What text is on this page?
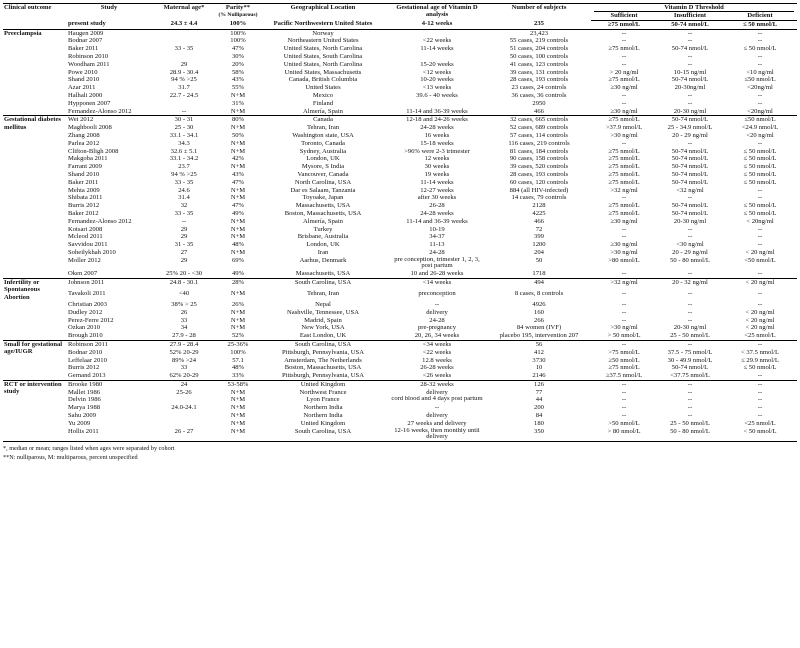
Clinical outcome	Study	Maternal age*	Parity**
(% Nulliparous)	Geographical Location	Gestational age of Vitamin D analysis	Number of subjects	Vitamin D Threshold		

							Sufficient	Insufficient	Deficient
	present study	24.3 ± 4.4	100%	Pacific Northwestern United States	4-12 weeks	235	≥75 nmol/L	50-74 nmol/L	≤ 50 nmol/L
Preeclampsia	Haugen 2009		100%	Norway		23,423	--	--	--
	Bodnar 2007		100%	Northeastern United States	<22 weeks	55 cases, 219 controls	--	--	--
	Baker 2011	33 - 35	47%	United States, North Carolina	11-14 weeks	51 cases, 204 controls	≥75 nmol/L	50-74 nmol/L	≤ 50 nmol/L
	Robinson 2010		30%	United States, South Carolina		50 cases, 100 controls	--	--	--
	Woodham 2011	29	20%	United States, North Carolina	15-20 weeks	41 cases, 123 controls	--	--	--
	Powe 2010	28.9 - 30.4	58%	United States, Massachusetts	<12 weeks	39 cases, 131 controls	> 20 ng/ml	10-15 ng/ml	<10 ng/ml
	Shand 2010	94 % >25	43%	Canada, British Columbia	10-20 weeks	28 cases, 193 controls	≥75 nmol/L	50-74 nmol/L	≤50 nmol/L
	Azar 2011	31.7	55%	United States	<13 weeks	23 cases, 24 controls	≥30 ng/ml	20-30ng/ml	<20ng/ml
	Halhali 2000	22.7 - 24.5	N+M	Mexico	39.6 - 40 weeks	36 cases, 36 controls	--	--	--
	Hypponen 2007		31%	Finland		2950	--	--	--
	Fernandez-Alonso 2012	--	N+M	Almería, Spain	11-14 and 36-39 weeks	466	≥30 ng/ml	20-30 ng/ml	<20ng/ml
Gestational diabetes mellitus	Wei 2012	30 - 31	80%	Canada	12-18 and 24-26 weeks	32 cases, 665 controls	≥75 nmol/L	50-74 nmol/L	≤50 nmol/L
	Maghbooli 2008	25 - 30	N+M	Tehran, Iran	24-28 weeks	52 cases, 689 controls	>37.9 nmol/L	25 - 34.9 nmol/L	<24.9 nmol/L
	Zhang 2008	33.1 - 34.1	50%	Washington state, USA	16 weeks	57 cases, 114 controls	>30 ng/ml	20 - 29 ng/ml	<20 ng/ml
	Parlea 2012	34.3	N+M	Toronto, Canada	15-18 weeks	116 cases, 219 controls	--	--	--
	Clifton-Bligh 2008	32.6 ± 5.1	N+M	Sydney, Australia	>96% were 2-3 trimester	81 cases, 184 controls	≥75 nmol/L	50-74 nmol/L	≤ 50 nmol/L
	Makgoba 2011	33.1 - 34.2	42%	London, UK	12 weeks	90 cases, 158 controls	≥75 nmol/L	50-74 nmol/L	≤ 50 nmol/L
	Farrant 2009	23.7	N+M	Mysore, S India	30 weeks	39 cases, 520 controls	≥75 nmol/L	50-74 nmol/L	≤ 50 nmol/L
	Shand 2010	94 % >25	43%	Vancouver, Canada	19 weeks	28 cases, 193 controls	≥75 nmol/L	50-74 nmol/L	≤ 50 nmol/L
	Baker 2011	33 - 35	47%	North Carolina, USA	11-14 weeks	60 cases, 120 controls	≥75 nmol/L	50-74 nmol/L	≤ 50 nmol/L
	Mehta 2009	24.6	N+M	Dar es Salaam, Tanzania	12-27 weeks	884 (all HIV-infected)	>32 ng/ml	<32 ng/ml	--
	Shibata 2011	31.4	N+M	Toyoake, Japan	after 30 weeks	14 cases, 79 controls	--	--	--
	Burris 2012	32	47%	Massachusetts, USA	26-28	2128	≥75 nmol/L	50-74 nmol/L	≤ 50 nmol/L
	Baker 2012	33 - 35	49%	Boston, Massachusetts, USA	24-28 weeks	4225	≥75 nmol/L	50-74 nmol/L	≤ 50 nmol/L
	Fernandez-Alonso 2012	--	N+M	Almería, Spain	11-14 and 36-39 weeks	466	≥30 ng/ml	20-30 ng/ml	< 20ng/ml
	Kotsari 2008	29	N+M	Turkey	10-19	72	--	--	--
	Mcleod 2011	29	N+M	Brisbane, Australia	34-37	399	--	--	--
	Savvidou 2011	31 - 35	48%	London, UK	11-13	1200	≥30 ng/ml	<30 ng/ml	--
	Soheilykhah 2010	27	N+M	Iran	24-28	204	>30 ng/ml	20 - 29 ng/ml	< 20 ng/ml
	Moller 2012	29	69%	Aarhus, Denmark	pre conception, trimester 1, 2, 3, post partum	50	>80 nmol/L	50 - 80 nmol/L	<50 nmol/L
	Oken 2007	25% 20 - <30	49%	Massachusetts, USA	10 and 26-28 weeks	1718	--	--	--
Infertility or Spontaneous Abortion	Johnson 2011	24.8 - 30.1	28%	South Carolina, USA	<14 weeks	494	>32 ng/ml	20 - 32 ng/ml	< 20 ng/ml
	Tavakoli 2011	<40	N+M	Tehran, Iran	preconception	8 cases, 8 controls	--	--	--
	Christian 2003	38% > 25	26%	Nepal	--	4926	--	--	--
	Dudley 2012	26	N+M	Nashville, Tennessee, USA	delivery	160	--	--	< 20 ng/ml
	Perez-Ferre 2012	33	N+M	Madrid, Spain	24-28	266	--	--	< 20 ng/ml
	Ozkan 2010	34	N+M	New York, USA	pre-pregnancy	84 women (IVF)	>30 ng/ml	20-30 ng/ml	< 20 ng/ml
	Brough 2010	27.9 - 28	52%	East London, UK	20, 26, 34 weeks	placebo 195, intervention 207	> 50 nmol/L	25 - 50 nmol/L	<25 nmol/L
Small for gestational age/IUGR	Robinson 2011	27.9 - 28.4	25-36%	South Carolina, USA	<34 weeks	56	--	--	--
	Bodnar 2010	52% 20-29	100%	Pittsburgh, Pennsylvania, USA	<22 weeks	412	>75 nmol/L	37.5 - 75 nmol/L	< 37.5 nmol/L
	Leffelaar 2010	89% >24	57.1	Amsterdam, The Netherlands	12.8 weeks	3730	≥50 nmol/L	30 - 49.9 nmol/L	≤ 29.9 nmol/L
	Burris 2012	33	48%	Boston, Massachusetts, USA	26-28 weeks	10	≥75 nmol/L	50-74 nmol/L	≤ 50 nmol/L
	Gernand 2013	62% 20-29	33%	Pittsburgh, Pennsylvania, USA	<26 weeks	2146	≥37.5 nmol/L	<37.75 nmol/L	--
RCT or intervention study	Brooke 1980	24	53-58%	United Kingdom	28-32 weeks	126	--	--	--
	Mallet 1986	25-26	N+M	Northwest France	delivery	77	--	--	--
	Delvin 1986		N+M	Lyon France	cord blood and 4 days post partum	44	--	--	--
	Marya 1988	24.0-24.1	N+M	Northern India	--	200	--	--	--
	Sahu 2009		N+M	Northern India	delivery	84	--	--	--
	Yu 2009		N+M	United Kingdom	27 weeks and delivery	180	>50 nmol/L	25 - 50 nmol/L	<25 nmol/L
	Hollis 2011	26 - 27	N+M	South Carolina, USA	12-16 weeks, then monthly until delivery	350	> 80 nmol/L	50 - 80 nmol/L	< 50 nmol/L
*, median or mean; ranges listed when ages were separated by cohort
**N: nulliparous, M: multiparous, percent unspecified
